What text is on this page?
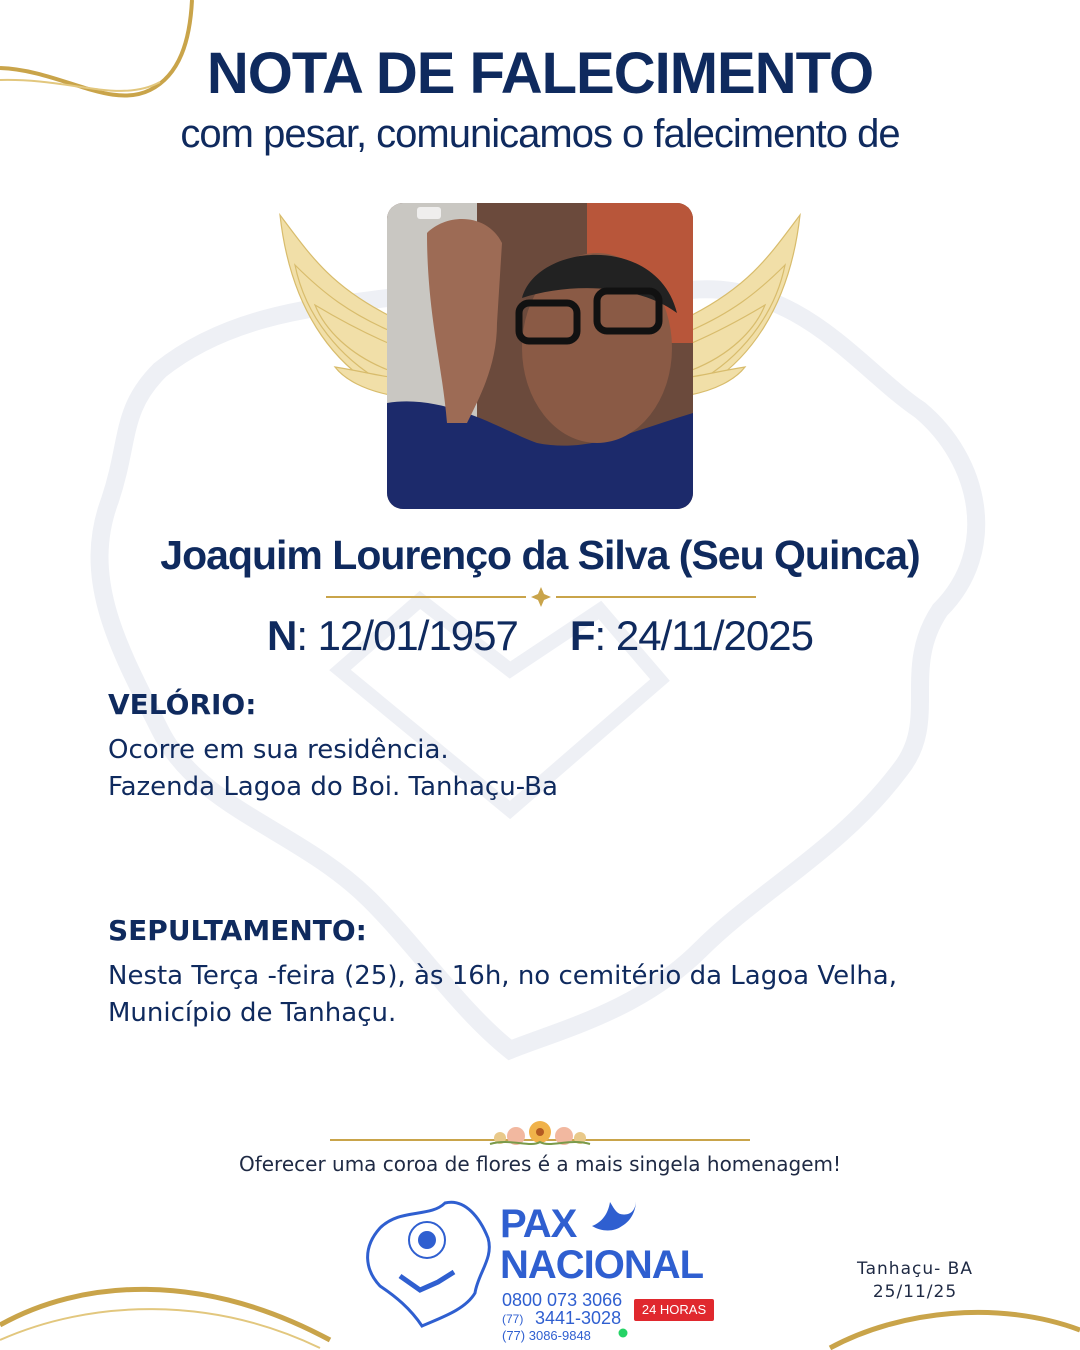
NOTA DE FALECIMENTO
com pesar, comunicamos o falecimento de
Joaquim Lourenço da Silva (Seu Quinca)
N: 12/01/1957 F: 24/11/2025
VELÓRIO:
Ocorre em sua residência.
Fazenda Lagoa do Boi. Tanhaçu-Ba
SEPULTAMENTO:
Nesta Terça -feira (25), às 16h, no cemitério da Lagoa Velha,
Município de Tanhaçu.
Oferecer uma coroa de flores é a mais singela homenagem!
PAX
NACIONAL
0800 073 3066
(77) 3441-3028
(77) 3086-9848
24 HORAS
Tanhaçu- BA
25/11/25
